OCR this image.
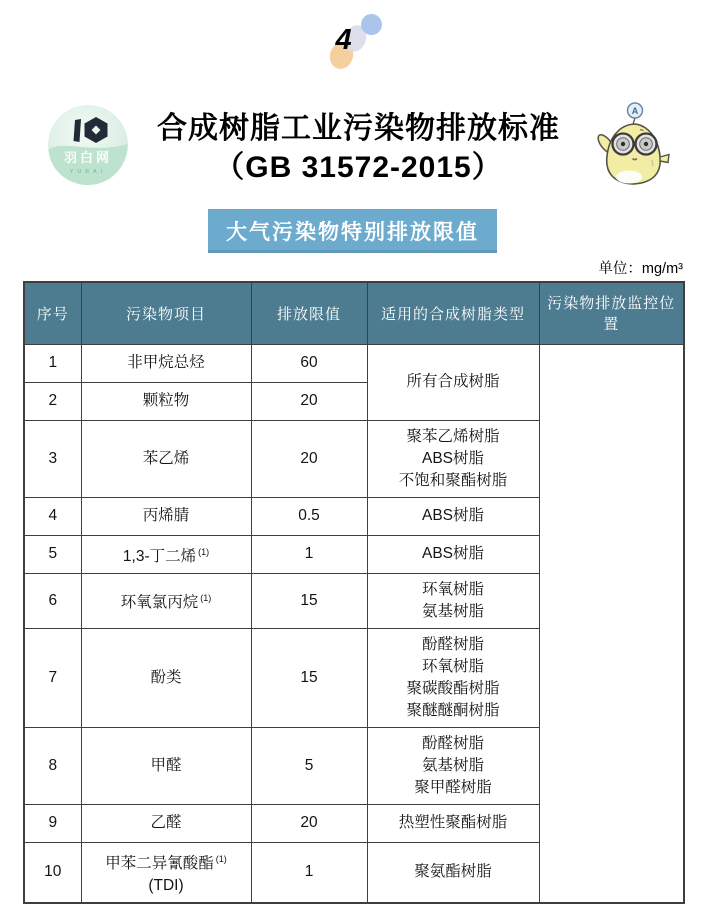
4
羽白网
YUBAI
合成树脂工业污染物排放标准
（GB 31572-2015）
A
大气污染物特别排放限值
单位：mg/m³
序号	污染物项目	排放限值	适用的合成树脂类型	污染物排放监控位置

1	非甲烷总烃	60	所有合成树脂	

2	颗粒物	20		

3	苯乙烯	20	聚苯乙烯树脂
ABS树脂
不饱和聚酯树脂	

4	丙烯腈	0.5	ABS树脂	

5	1,3-丁二烯 $^{(1)}$	1	ABS树脂	

6	环氧氯丙烷 $^{(1)}$	15	环氧树脂
氨基树脂	

7	酚类	15	酚醛树脂
环氧树脂
聚碳酸酯树脂
聚醚醚酮树脂	

8	甲醛	5	酚醛树脂
氨基树脂
聚甲醛树脂	

9	乙醛	20	热塑性聚酯树脂	

10	甲苯二异氰酸酯 $^{(1)}$
(TDI)	1	聚氨酯树脂	
